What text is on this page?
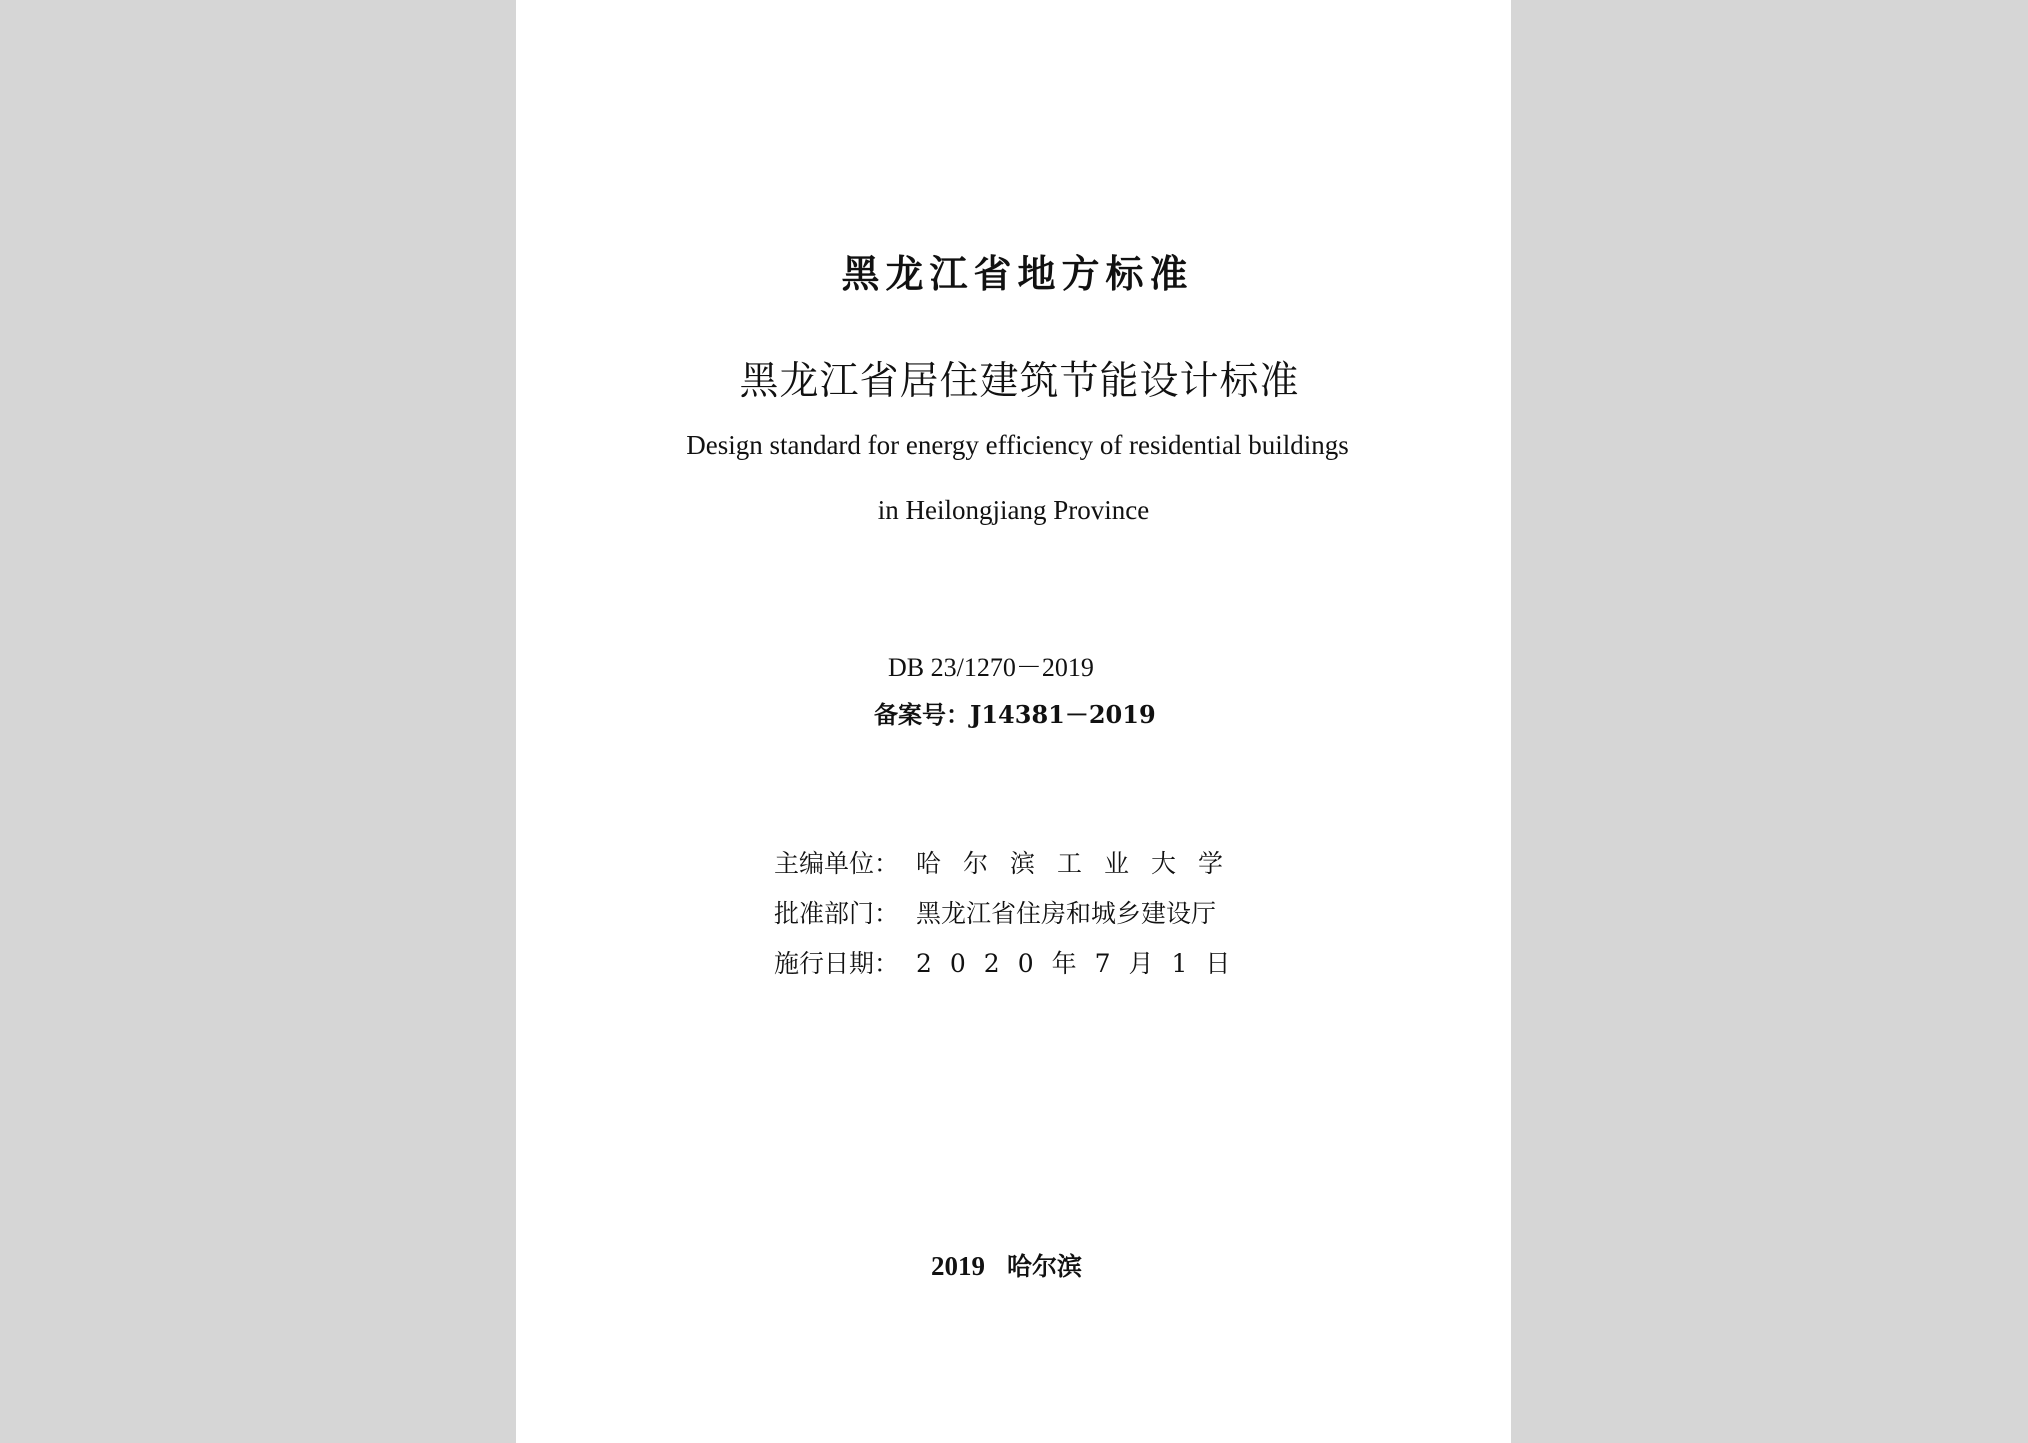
黑龙江省地方标准
黑龙江省居住建筑节能设计标准
Design standard for energy efficiency of residential buildings
in Heilongjiang Province
DB 23/1270－2019
备案号：J14381－2019
主编单位： 哈尔滨工业大学
批准部门： 黑龙江省住房和城乡建设厅
施行日期： 2020年7月1日
2019 哈尔滨
